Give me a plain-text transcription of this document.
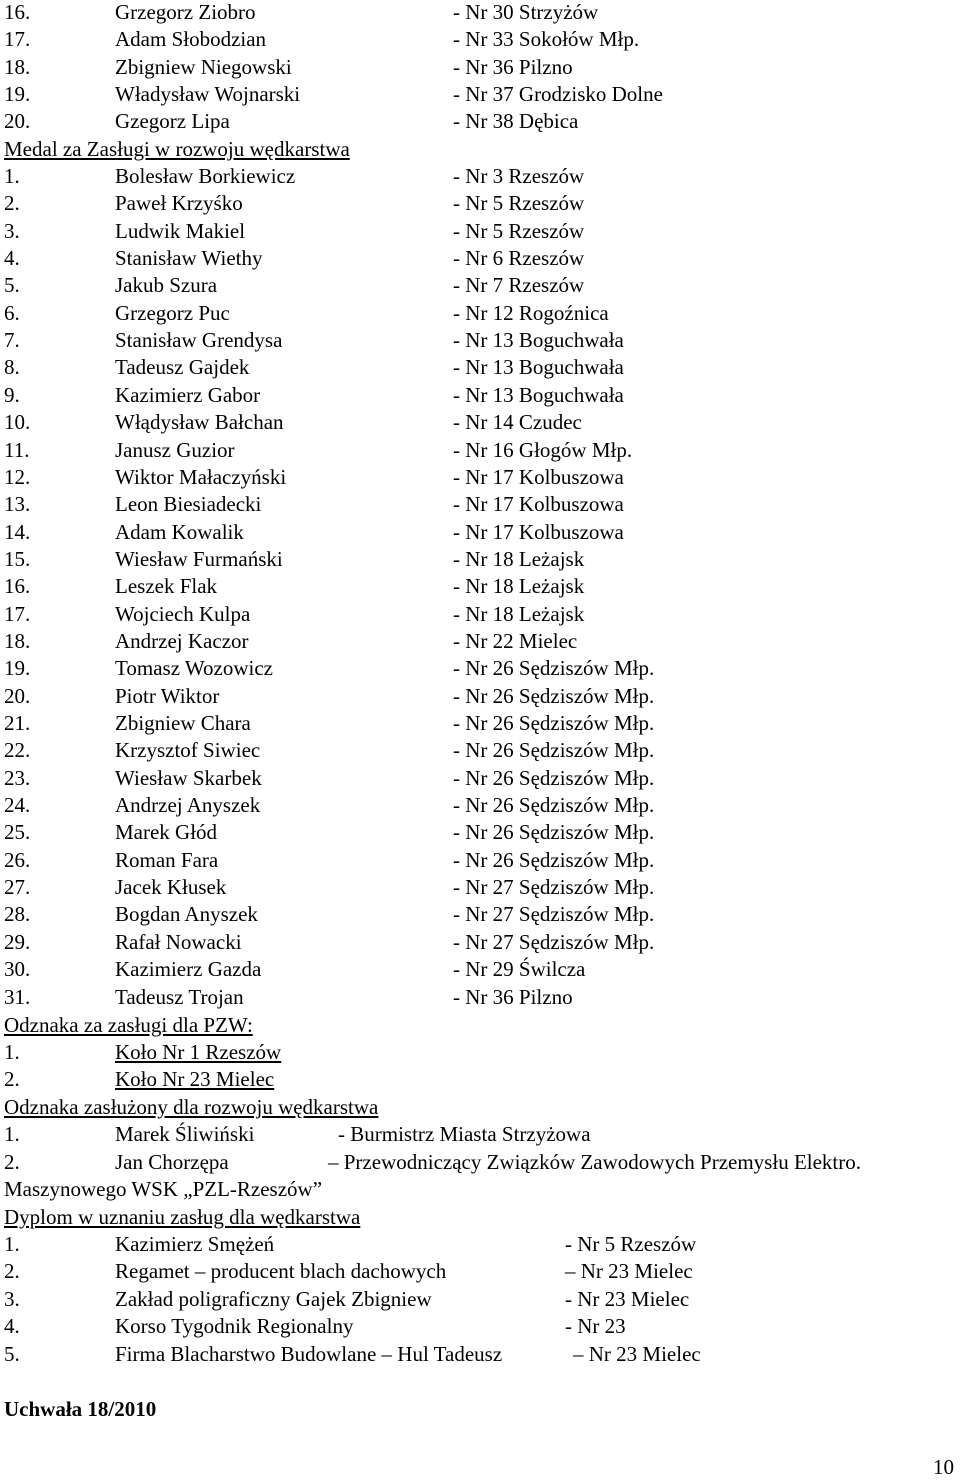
16.	Grzegorz Ziobro	- Nr 30 Strzyżów
17.	Adam Słobodzian	- Nr 33 Sokołów Młp.
18.	Zbigniew Niegowski	- Nr 36 Pilzno
19.	Władysław Wojnarski	- Nr 37 Grodzisko Dolne
20.	Gzegorz Lipa	- Nr 38 Dębica
Medal za Zasługi w rozwoju wędkarstwa
1.	Bolesław Borkiewicz	- Nr 3 Rzeszów
2.	Paweł Krzyśko	- Nr 5 Rzeszów
3.	Ludwik Makiel	- Nr 5 Rzeszów
4.	Stanisław Wiethy	- Nr 6 Rzeszów
5.	Jakub Szura	- Nr 7 Rzeszów
6.	Grzegorz Puc	- Nr 12 Rogoźnica
7.	Stanisław Grendysa	- Nr 13 Boguchwała
8.	Tadeusz Gajdek	- Nr 13 Boguchwała
9.	Kazimierz Gabor	- Nr 13 Boguchwała
10.	Włądysław Bałchan	- Nr 14 Czudec
11.	Janusz Guzior	- Nr 16 Głogów Młp.
12.	Wiktor Małaczyński	- Nr 17 Kolbuszowa
13.	Leon Biesiadecki	- Nr 17 Kolbuszowa
14.	Adam Kowalik	- Nr 17 Kolbuszowa
15.	Wiesław Furmański	- Nr 18 Leżajsk
16.	Leszek Flak	- Nr 18 Leżajsk
17.	Wojciech Kulpa	- Nr 18 Leżajsk
18.	Andrzej Kaczor	- Nr 22 Mielec
19.	Tomasz Wozowicz	- Nr 26 Sędziszów Młp.
20.	Piotr Wiktor	- Nr 26 Sędziszów Młp.
21.	Zbigniew Chara	- Nr 26 Sędziszów Młp.
22.	Krzysztof Siwiec	- Nr 26 Sędziszów Młp.
23.	Wiesław Skarbek	- Nr 26 Sędziszów Młp.
24.	Andrzej Anyszek	- Nr 26 Sędziszów Młp.
25.	Marek Głód	- Nr 26 Sędziszów Młp.
26.	Roman Fara	- Nr 26 Sędziszów Młp.
27.	Jacek Kłusek	- Nr 27 Sędziszów Młp.
28.	Bogdan Anyszek	- Nr 27 Sędziszów Młp.
29.	Rafał Nowacki	- Nr 27 Sędziszów Młp.
30.	Kazimierz Gazda	- Nr 29 Świlcza
31.	Tadeusz Trojan	- Nr 36 Pilzno
Odznaka za zasługi dla PZW:
1.	Koło Nr 1 Rzeszów
2.	Koło Nr 23 Mielec
Odznaka zasłużony dla rozwoju wędkarstwa
1.	Marek Śliwiński	- Burmistrz Miasta Strzyżowa
2.	Jan Chorzępa	– Przewodniczący Związków Zawodowych Przemysłu Elektro.
Maszynowego WSK „PZL-Rzeszów”
Dyplom w uznaniu zasług dla wędkarstwa
1.	Kazimierz Smężeń	- Nr 5 Rzeszów
2.	Regamet – producent blach dachowych	– Nr 23 Mielec
3.	Zakład poligraficzny Gajek Zbigniew	- Nr 23 Mielec
4.	Korso Tygodnik Regionalny	- Nr 23
5.	Firma Blacharstwo Budowlane – Hul Tadeusz	– Nr 23 Mielec
Uchwała 18/2010
10
